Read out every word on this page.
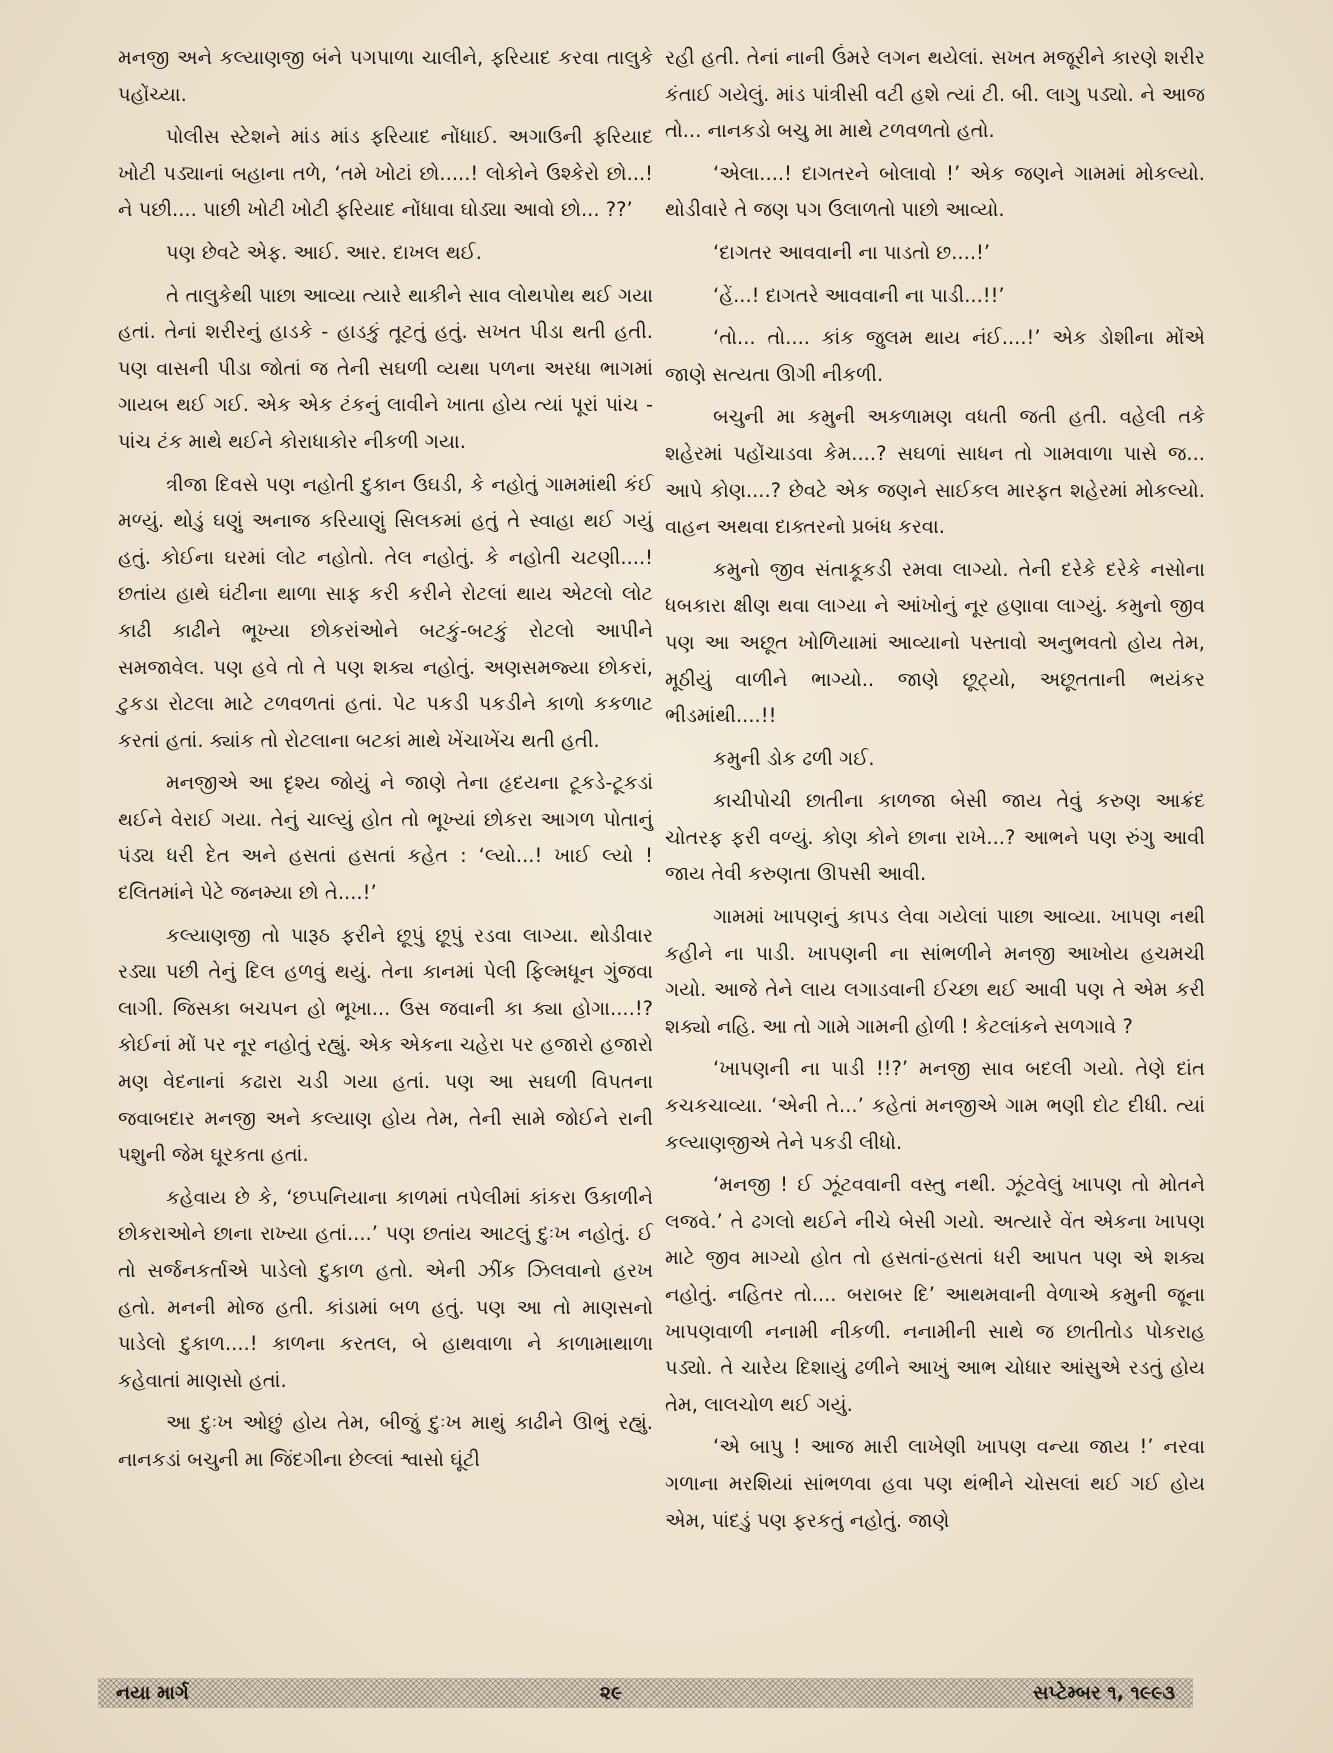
મનજી અને કલ્યાણજી બંને પગપાળા ચાલીને, ફરિયાદ કરવા તાલુકે પહોંચ્યા.

પોલીસ સ્ટેશને માંડ માંડ ફરિયાદ નોંધાઈ. અગાઉની ફરિયાદ ખોટી પડ્યાનાં બહાના તળે, ‘તમે ખોટાં છો.....! લોકોને ઉશ્કેરો છો...! ને પછી.... પાછી ખોટી ખોટી ફરિયાદ નોંધાવા ઘોડ્યા આવો છો... ??’

પણ છેવટે એફ. આઈ. આર. દાખલ થઈ.

તે તાલુકેથી પાછા આવ્યા ત્યારે થાકીને સાવ લોથપોથ થઈ ગયા હતાં. તેનાં શરીરનું હાડકે - હાડકું તૂટતું હતું. સખત પીડા થતી હતી. પણ વાસની પીડા જોતાં જ તેની સઘળી વ્યથા પળના અરધા ભાગમાં ગાયબ થઈ ગઈ. એક એક ટંકનું લાવીને ખાતા હોય ત્યાં પૂરાં પાંચ - પાંચ ટંક માથે થઈને કોરાધાકોર નીકળી ગયા.

ત્રીજા દિવસે પણ નહોતી દુકાન ઉઘડી, કે નહોતું ગામમાંથી કંઈ મળ્યું. થોડું ઘણું અનાજ કરિયાણું સિલકમાં હતું તે સ્વાહા થઈ ગયું હતું. કોઈના ઘરમાં લોટ નહોતો. તેલ નહોતું. કે નહોતી ચટણી....! છતાંય હાથે ઘંટીના થાળા સાફ કરી કરીને રોટલાં થાય એટલો લોટ કાઢી કાઢીને ભૂખ્યા છોકરાંઓને બટકું-બટકું રોટલો આપીને સમજાવેલ. પણ હવે તો તે પણ શક્ય નહોતું. અણસમજ્યા છોકરાં, ટુકડા રોટલા માટે ટળવળતાં હતાં. પેટ પકડી પકડીને કાળો કકળાટ કરતાં હતાં. ક્યાંક તો રોટલાના બટકાં માથે ખેંચાખેંચ થતી હતી.

મનજીએ આ દૃશ્ય જોયું ને જાણે તેના હૃદયના ટૂકડે-ટૂકડાં થઈને વેરાઈ ગયા. તેનું ચાલ્યું હોત તો ભૂખ્યાં છોકરા આગળ પોતાનું પંડ્ય ધરી દેત અને હસતાં હસતાં કહેત : ‘લ્યો...! ખાઈ લ્યો ! દલિતમાંને પેટે જનમ્યા છો તે....!’

કલ્યાણજી તો પારૂઠ ફરીને છૂપું છૂપું રડવા લાગ્યા. થોડીવાર રડ્યા પછી તેનું દિલ હળવું થયું. તેના કાનમાં પેલી ફિલ્મધૂન ગુંજવા લાગી. જિસકા બચપન હો ભૂખા... ઉસ જવાની કા ક્યા હોગા....!? કોઈનાં મોં પર નૂર નહોતું રહ્યું. એક એકના ચહેરા પર હજારો હજારો મણ વેદનાનાં કઢારા ચડી ગયા હતાં. પણ આ સઘળી વિપતના જવાબદાર મનજી અને કલ્યાણ હોય તેમ, તેની સામે જોઈને રાની પશુની જેમ ઘૂરકતા હતાં.

કહેવાય છે કે, ‘છપ્પનિયાના કાળમાં તપેલીમાં કાંકરા ઉકાળીને છોકરાઓને છાના રાખ્યા હતાં....’ પણ છતાંય આટલું દુઃખ નહોતું. ઈ તો સર્જનકર્તાએ પાડેલો દુકાળ હતો. એની ઝીંક ઝિલવાનો હરખ હતો. મનની મોજ હતી. કાંડામાં બળ હતું. પણ આ તો માણસનો પાડેલો દુકાળ....! કાળના કરતલ, બે હાથવાળા ને કાળામાથાળા કહેવાતાં માણસો હતાં.

આ દુઃખ ઓછું હોય તેમ, બીજું દુઃખ માથું કાઢીને ઊભું રહ્યું. નાનકડાં બચુની મા જિંદગીના છેલ્લાં શ્વાસો ઘૂંટી

રહી હતી. તેનાં નાની ઉંમરે લગન થયેલાં. સખત મજૂરીને કારણે શરીર કંતાઈ ગયેલું. માંડ પાંત્રીસી વટી હશે ત્યાં ટી. બી. લાગુ પડ્યો. ને આજ તો... નાનકડો બચુ મા માથે ટળવળતો હતો.

‘એલા....! દાગતરને બોલાવો !’ એક જણને ગામમાં મોકલ્યો. થોડીવારે તે જણ પગ ઉલાળતો પાછો આવ્યો.

‘દાગતર આવવાની ના પાડતો છ....!’

‘હેં...! દાગતરે આવવાની ના પાડી...!!’

‘તો... તો.... કાંક જુલમ થાય નંઈ....!’ એક ડોશીના મોંએ જાણે સત્યતા ઊગી નીકળી.

બચુની મા કમુની અકળામણ વધતી જતી હતી. વહેલી તકે શહેરમાં પહોંચાડવા કેમ....? સઘળાં સાધન તો ગામવાળા પાસે જ... આપે કોણ....? છેવટે એક જણને સાઈકલ મારફત શહેરમાં મોકલ્યો. વાહન અથવા દાક્તરનો પ્રબંધ કરવા.

કમુનો જીવ સંતાકૂકડી રમવા લાગ્યો. તેની દરેકે દરેકે નસોના ધબકારા ક્ષીણ થવા લાગ્યા ને આંખોનું નૂર હણાવા લાગ્યું. કમુનો જીવ પણ આ અછૂત ખોળિયામાં આવ્યાનો પસ્તાવો અનુભવતો હોય તેમ, મૂઠીયું વાળીને ભાગ્યો.. જાણે છૂટ્યો, અછૂતતાની ભયંકર ભીડમાંથી....!!

કમુની ડોક ઢળી ગઈ.

કાચીપોચી છાતીના કાળજા બેસી જાય તેવું કરુણ આક્રંદ ચોતરફ ફરી વળ્યું. કોણ કોને છાના રાખે...? આભને પણ રુંગુ આવી જાય તેવી કરુણતા ઊપસી આવી.

ગામમાં ખાપણનું કાપડ લેવા ગયેલાં પાછા આવ્યા. ખાપણ નથી કહીને ના પાડી. ખાપણની ના સાંભળીને મનજી આખોય હચમચી ગયો. આજે તેને લાય લગાડવાની ઈચ્છા થઈ આવી પણ તે એમ કરી શક્યો નહિ. આ તો ગામે ગામની હોળી ! કેટલાંકને સળગાવે ?

‘ખાપણની ના પાડી !!?’ મનજી સાવ બદલી ગયો. તેણે દાંત કચકચાવ્યા. ‘એની તે...’ કહેતાં મનજીએ ગામ ભણી દોટ દીધી. ત્યાં કલ્યાણજીએ તેને પકડી લીધો.

‘મનજી ! ઈ ઝૂંટવવાની વસ્તુ નથી. ઝૂંટવેલું ખાપણ તો મોતને લજવે.’ તે ઢગલો થઈને નીચે બેસી ગયો. અત્યારે વેંત એકના ખાપણ માટે જીવ માગ્યો હોત તો હસતાં-હસતાં ધરી આપત પણ એ શક્ય નહોતું. નહિતર તો.... બરાબર દિ’ આથમવાની વેળાએ કમુની જૂના ખાપણવાળી નનામી નીકળી. નનામીની સાથે જ છાતીતોડ પોકરાહ પડ્યો. તે ચારેય દિશાયું ઢળીને આખું આભ ચોધાર આંસુએ રડતું હોય તેમ, લાલચોળ થઈ ગયું.

‘એ બાપુ ! આજ મારી લાખેણી ખાપણ વન્યા જાય !’ નરવા ગળાના મરશિયાં સાંભળવા હવા પણ થંભીને ચોસલાં થઈ ગઈ હોય એમ, પાંદડું પણ ફરકતું નહોતું. જાણે

નયા માર્ગ	૨૯	સપ્ટેમ્બર ૧, ૧૯૯૩
